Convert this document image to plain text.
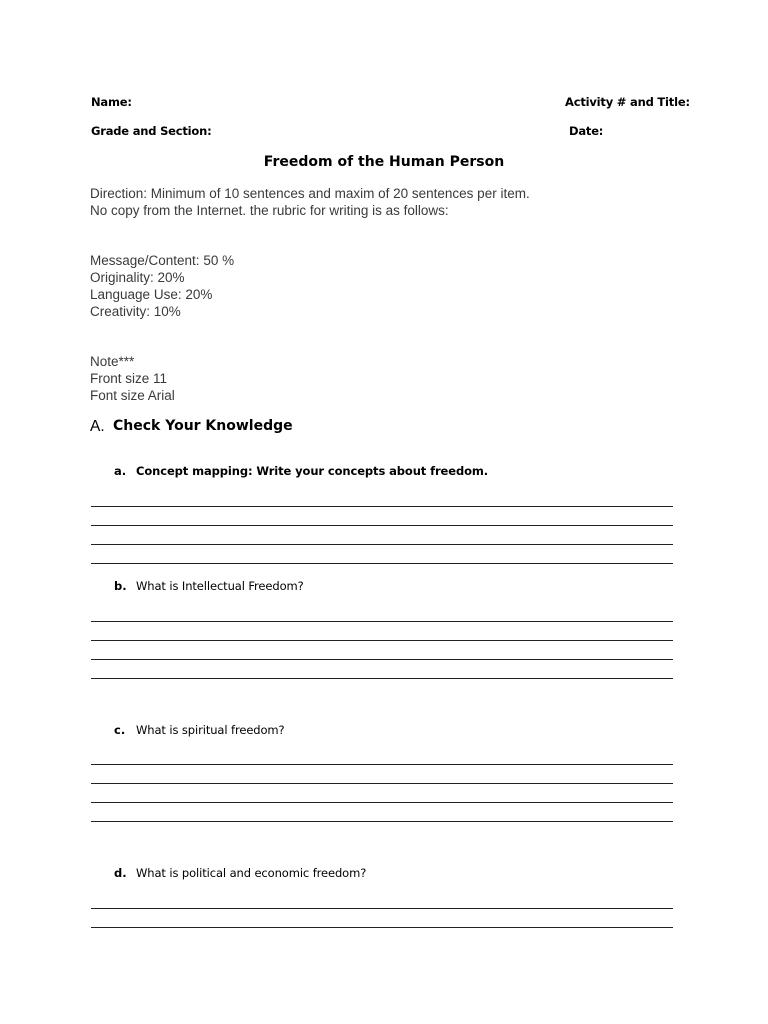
Name:	Activity # and Title:
Grade and Section:	Date:
Freedom of the Human Person
Direction: Minimum of 10 sentences and maxim of 20 sentences per item.
No copy from the Internet. the rubric for writing is as follows:
Message/Content: 50 %
Originality: 20%
Language Use: 20%
Creativity: 10%
Note***
Front size 11
Font size Arial
A. Check Your Knowledge
a. Concept mapping: Write your concepts about freedom.
b. What is Intellectual Freedom?
c. What is spiritual freedom?
d. What is political and economic freedom?
